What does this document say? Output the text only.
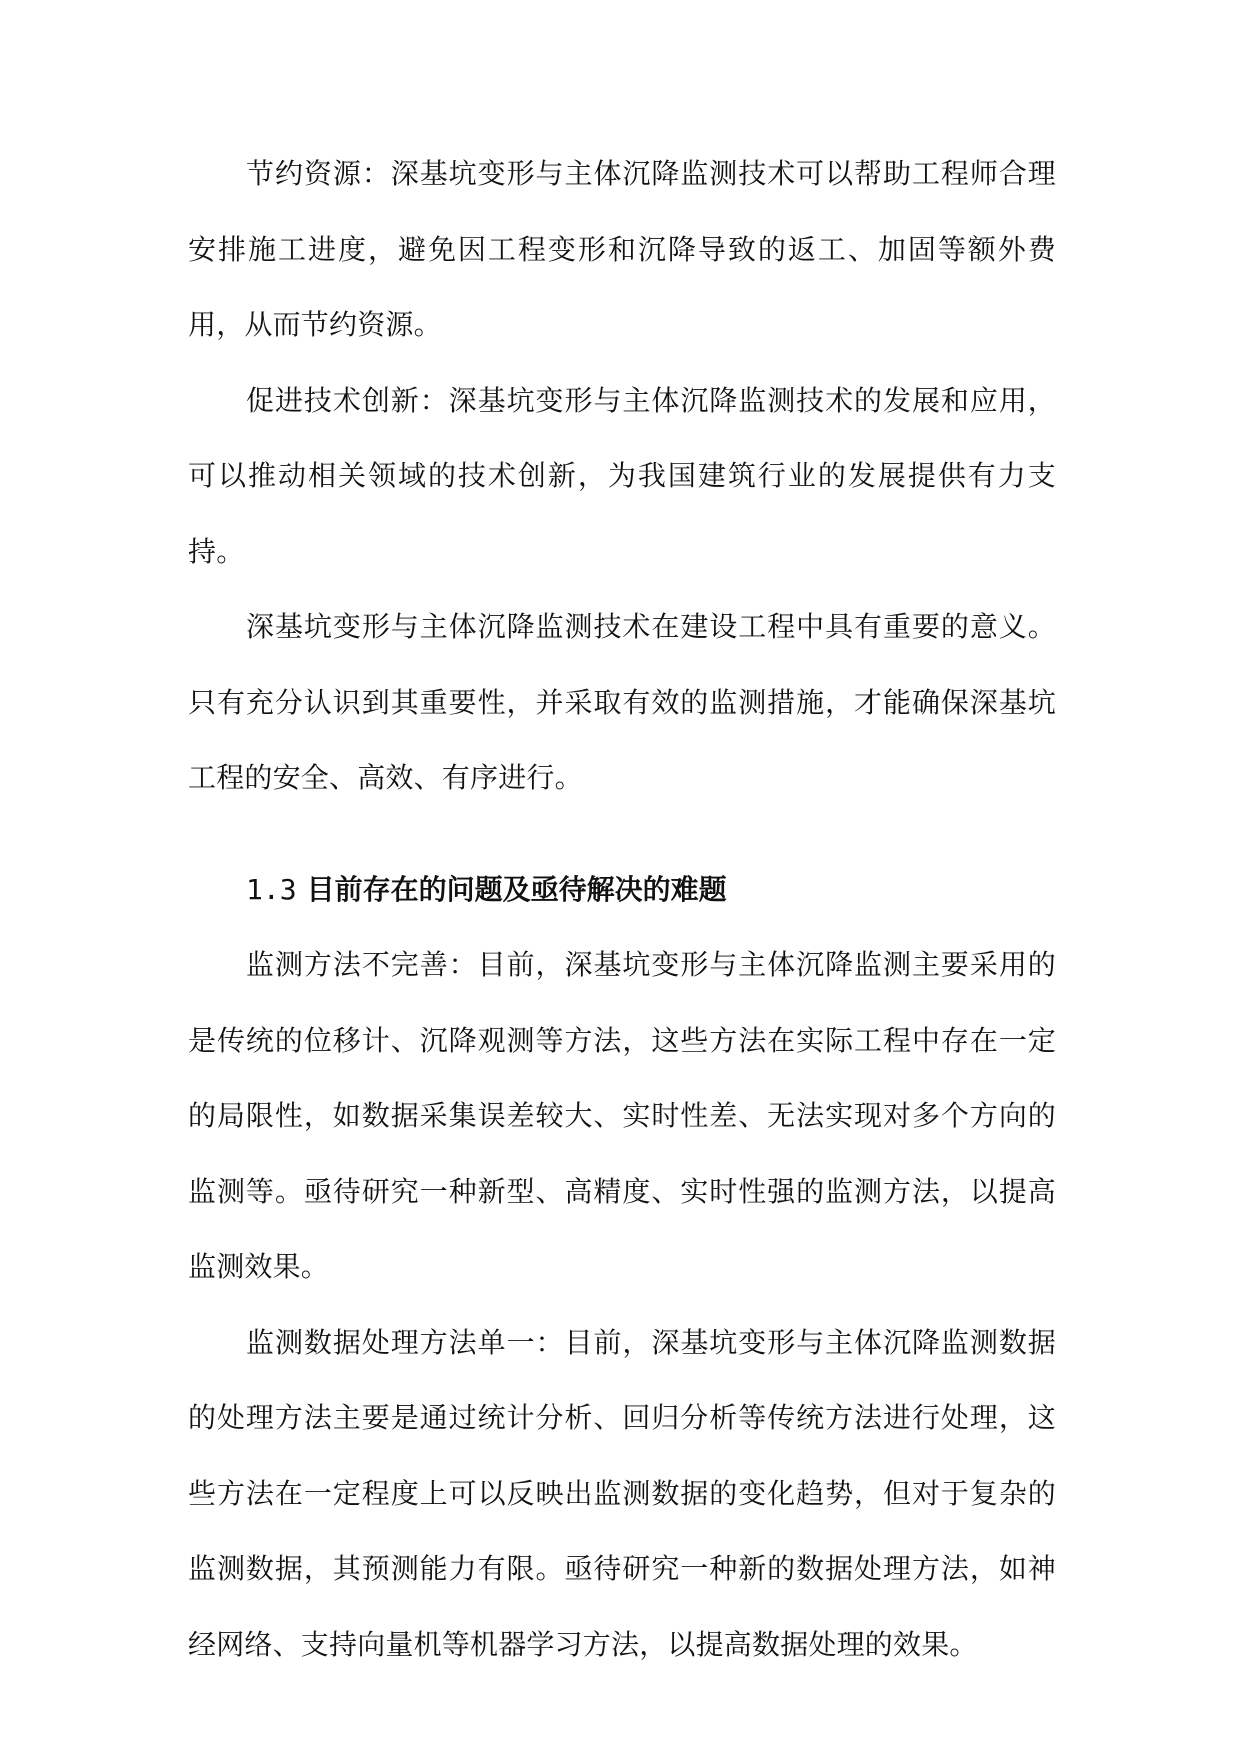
节约资源：深基坑变形与主体沉降监测技术可以帮助工程师合理安排施工进度，避免因工程变形和沉降导致的返工、加固等额外费用，从而节约资源。

促进技术创新：深基坑变形与主体沉降监测技术的发展和应用，可以推动相关领域的技术创新，为我国建筑行业的发展提供有力支持。

深基坑变形与主体沉降监测技术在建设工程中具有重要的意义。只有充分认识到其重要性，并采取有效的监测措施，才能确保深基坑工程的安全、高效、有序进行。

1.3 目前存在的问题及亟待解决的难题

监测方法不完善：目前，深基坑变形与主体沉降监测主要采用的是传统的位移计、沉降观测等方法，这些方法在实际工程中存在一定的局限性，如数据采集误差较大、实时性差、无法实现对多个方向的监测等。亟待研究一种新型、高精度、实时性强的监测方法，以提高监测效果。

监测数据处理方法单一：目前，深基坑变形与主体沉降监测数据的处理方法主要是通过统计分析、回归分析等传统方法进行处理，这些方法在一定程度上可以反映出监测数据的变化趋势，但对于复杂的监测数据，其预测能力有限。亟待研究一种新的数据处理方法，如神经网络、支持向量机等机器学习方法，以提高数据处理的效果。
